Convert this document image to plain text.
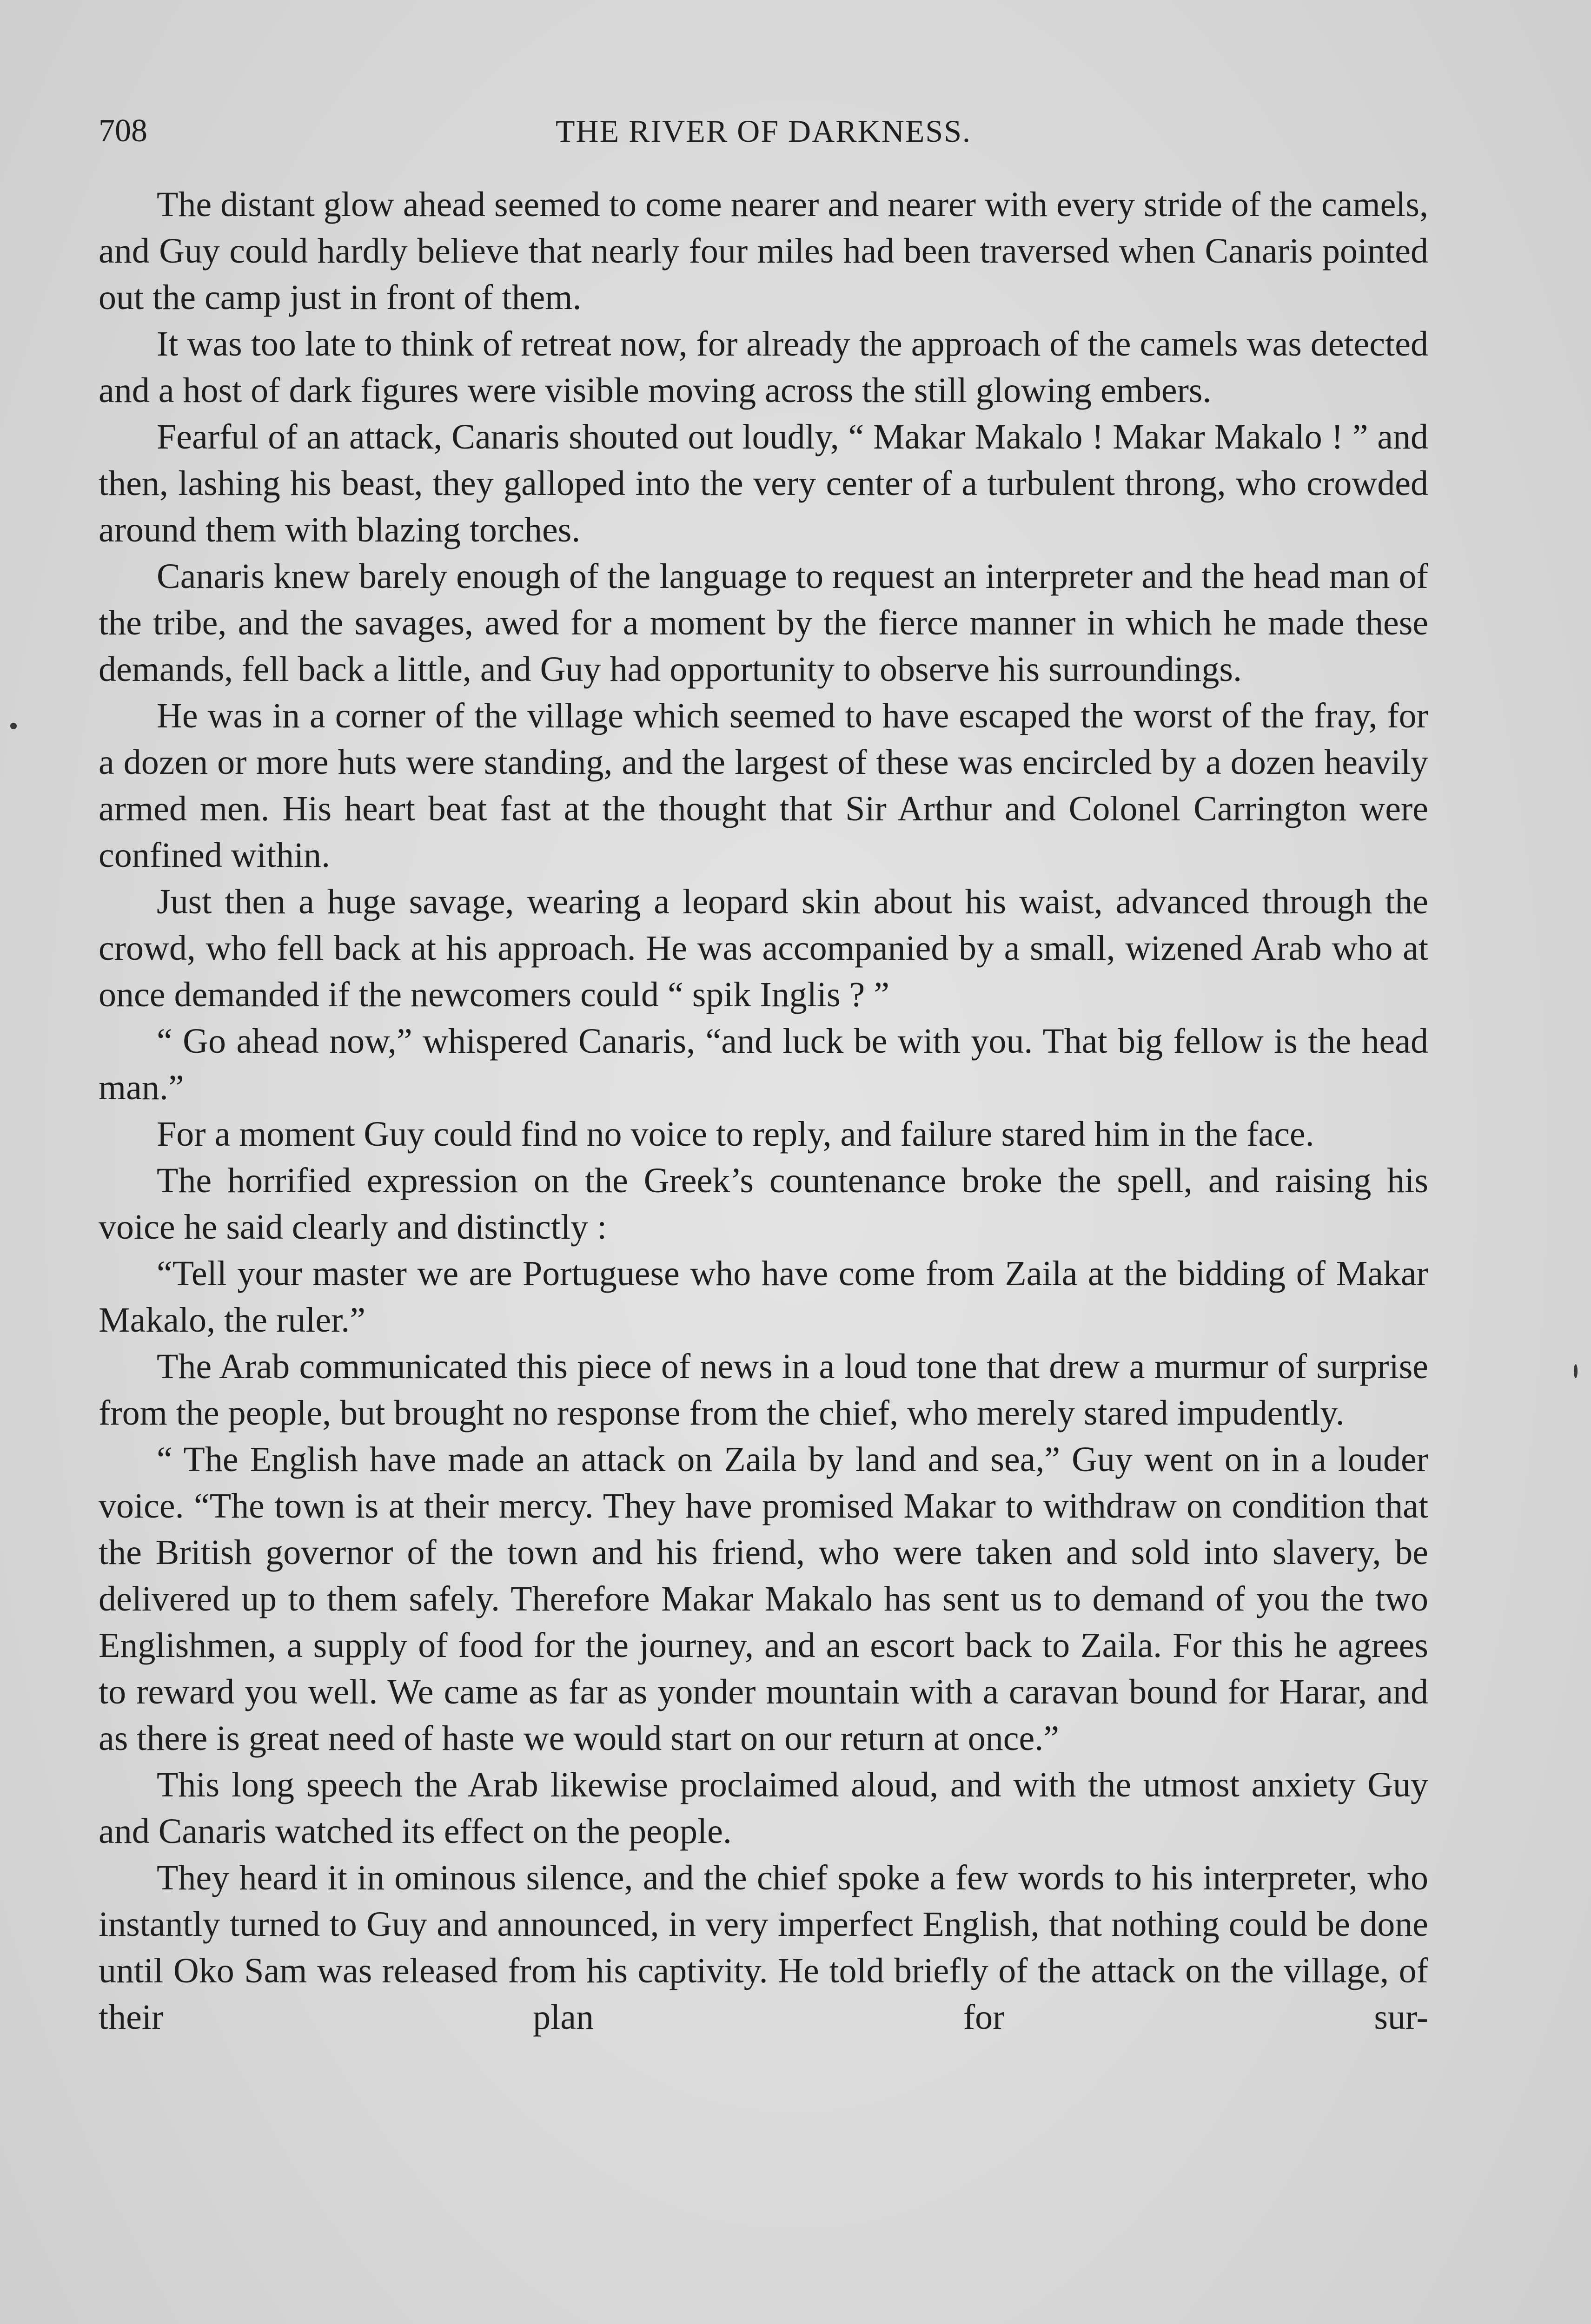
708	THE RIVER OF DARKNESS.

The distant glow ahead seemed to come nearer and nearer with every stride of the camels, and Guy could hardly believe that nearly four miles had been traversed when Canaris pointed out the camp just in front of them.

It was too late to think of retreat now, for already the approach of the camels was detected and a host of dark figures were visible moving across the still glowing embers.

Fearful of an attack, Canaris shouted out loudly, “ Makar Makalo ! Makar Makalo ! ” and then, lashing his beast, they galloped into the very center of a turbulent throng, who crowded around them with blazing torches.

Canaris knew barely enough of the language to request an interpreter and the head man of the tribe, and the savages, awed for a moment by the fierce manner in which he made these demands, fell back a little, and Guy had opportunity to observe his surroundings.

He was in a corner of the village which seemed to have escaped the worst of the fray, for a dozen or more huts were standing, and the largest of these was encircled by a dozen heavily armed men. His heart beat fast at the thought that Sir Arthur and Colonel Carrington were confined within.

Just then a huge savage, wearing a leopard skin about his waist, advanced through the crowd, who fell back at his approach. He was accompanied by a small, wizened Arab who at once demanded if the newcomers could “ spik Inglis ? ”

“ Go ahead now,” whispered Canaris, “and luck be with you. That big fellow is the head man.”

For a moment Guy could find no voice to reply, and failure stared him in the face.

The horrified expression on the Greek’s countenance broke the spell, and raising his voice he said clearly and distinctly :

“Tell your master we are Portuguese who have come from Zaila at the bidding of Makar Makalo, the ruler.”

The Arab communicated this piece of news in a loud tone that drew a murmur of surprise from the people, but brought no response from the chief, who merely stared impudently.

“ The English have made an attack on Zaila by land and sea,” Guy went on in a louder voice. “The town is at their mercy. They have promised Makar to withdraw on condition that the British governor of the town and his friend, who were taken and sold into slavery, be delivered up to them safely. Therefore Makar Makalo has sent us to demand of you the two Englishmen, a supply of food for the journey, and an escort back to Zaila. For this he agrees to reward you well. We came as far as yonder mountain with a caravan bound for Harar, and as there is great need of haste we would start on our return at once.”

This long speech the Arab likewise proclaimed aloud, and with the utmost anxiety Guy and Canaris watched its effect on the people.

They heard it in ominous silence, and the chief spoke a few words to his interpreter, who instantly turned to Guy and announced, in very imperfect English, that nothing could be done until Oko Sam was released from his captivity. He told briefly of the attack on the village, of their plan for sur-
